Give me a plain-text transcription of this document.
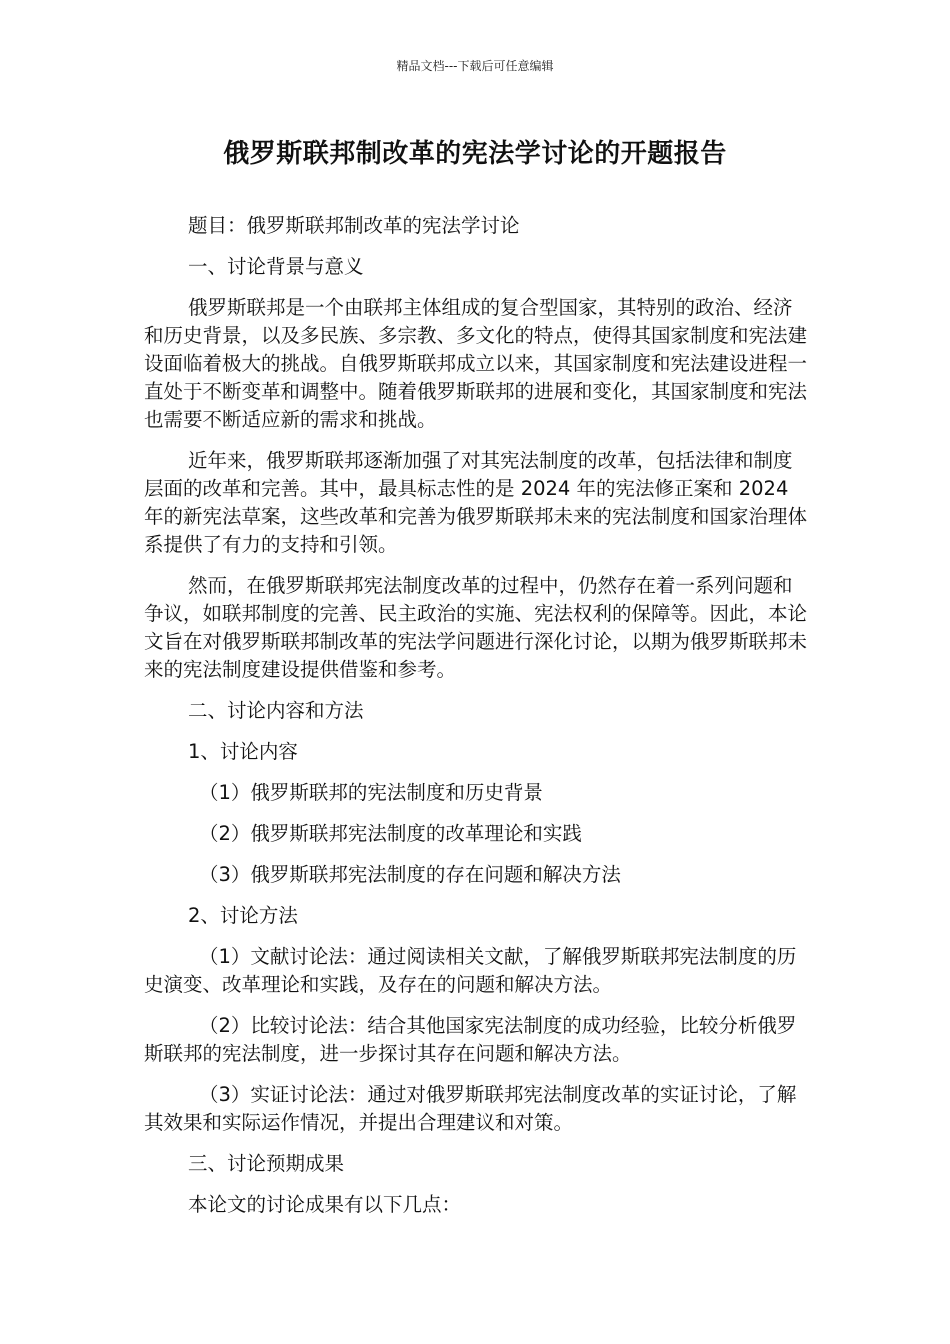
精品文档---下载后可任意编辑
俄罗斯联邦制改革的宪法学讨论的开题报告

题目：俄罗斯联邦制改革的宪法学讨论

一、讨论背景与意义

俄罗斯联邦是一个由联邦主体组成的复合型国家，其特别的政治、经济和历史背景，以及多民族、多宗教、多文化的特点，使得其国家制度和宪法建设面临着极大的挑战。自俄罗斯联邦成立以来，其国家制度和宪法建设进程一直处于不断变革和调整中。随着俄罗斯联邦的进展和变化，其国家制度和宪法也需要不断适应新的需求和挑战。

近年来，俄罗斯联邦逐渐加强了对其宪法制度的改革，包括法律和制度层面的改革和完善。其中，最具标志性的是 2024 年的宪法修正案和 2024 年的新宪法草案，这些改革和完善为俄罗斯联邦未来的宪法制度和国家治理体系提供了有力的支持和引领。

然而，在俄罗斯联邦宪法制度改革的过程中，仍然存在着一系列问题和争议，如联邦制度的完善、民主政治的实施、宪法权利的保障等。因此，本论文旨在对俄罗斯联邦制改革的宪法学问题进行深化讨论，以期为俄罗斯联邦未来的宪法制度建设提供借鉴和参考。

二、讨论内容和方法

1、讨论内容

（1）俄罗斯联邦的宪法制度和历史背景

（2）俄罗斯联邦宪法制度的改革理论和实践

（3）俄罗斯联邦宪法制度的存在问题和解决方法

2、讨论方法

（1）文献讨论法：通过阅读相关文献，了解俄罗斯联邦宪法制度的历史演变、改革理论和实践，及存在的问题和解决方法。

（2）比较讨论法：结合其他国家宪法制度的成功经验，比较分析俄罗斯联邦的宪法制度，进一步探讨其存在问题和解决方法。

（3）实证讨论法：通过对俄罗斯联邦宪法制度改革的实证讨论，了解其效果和实际运作情况，并提出合理建议和对策。

三、讨论预期成果

本论文的讨论成果有以下几点：
